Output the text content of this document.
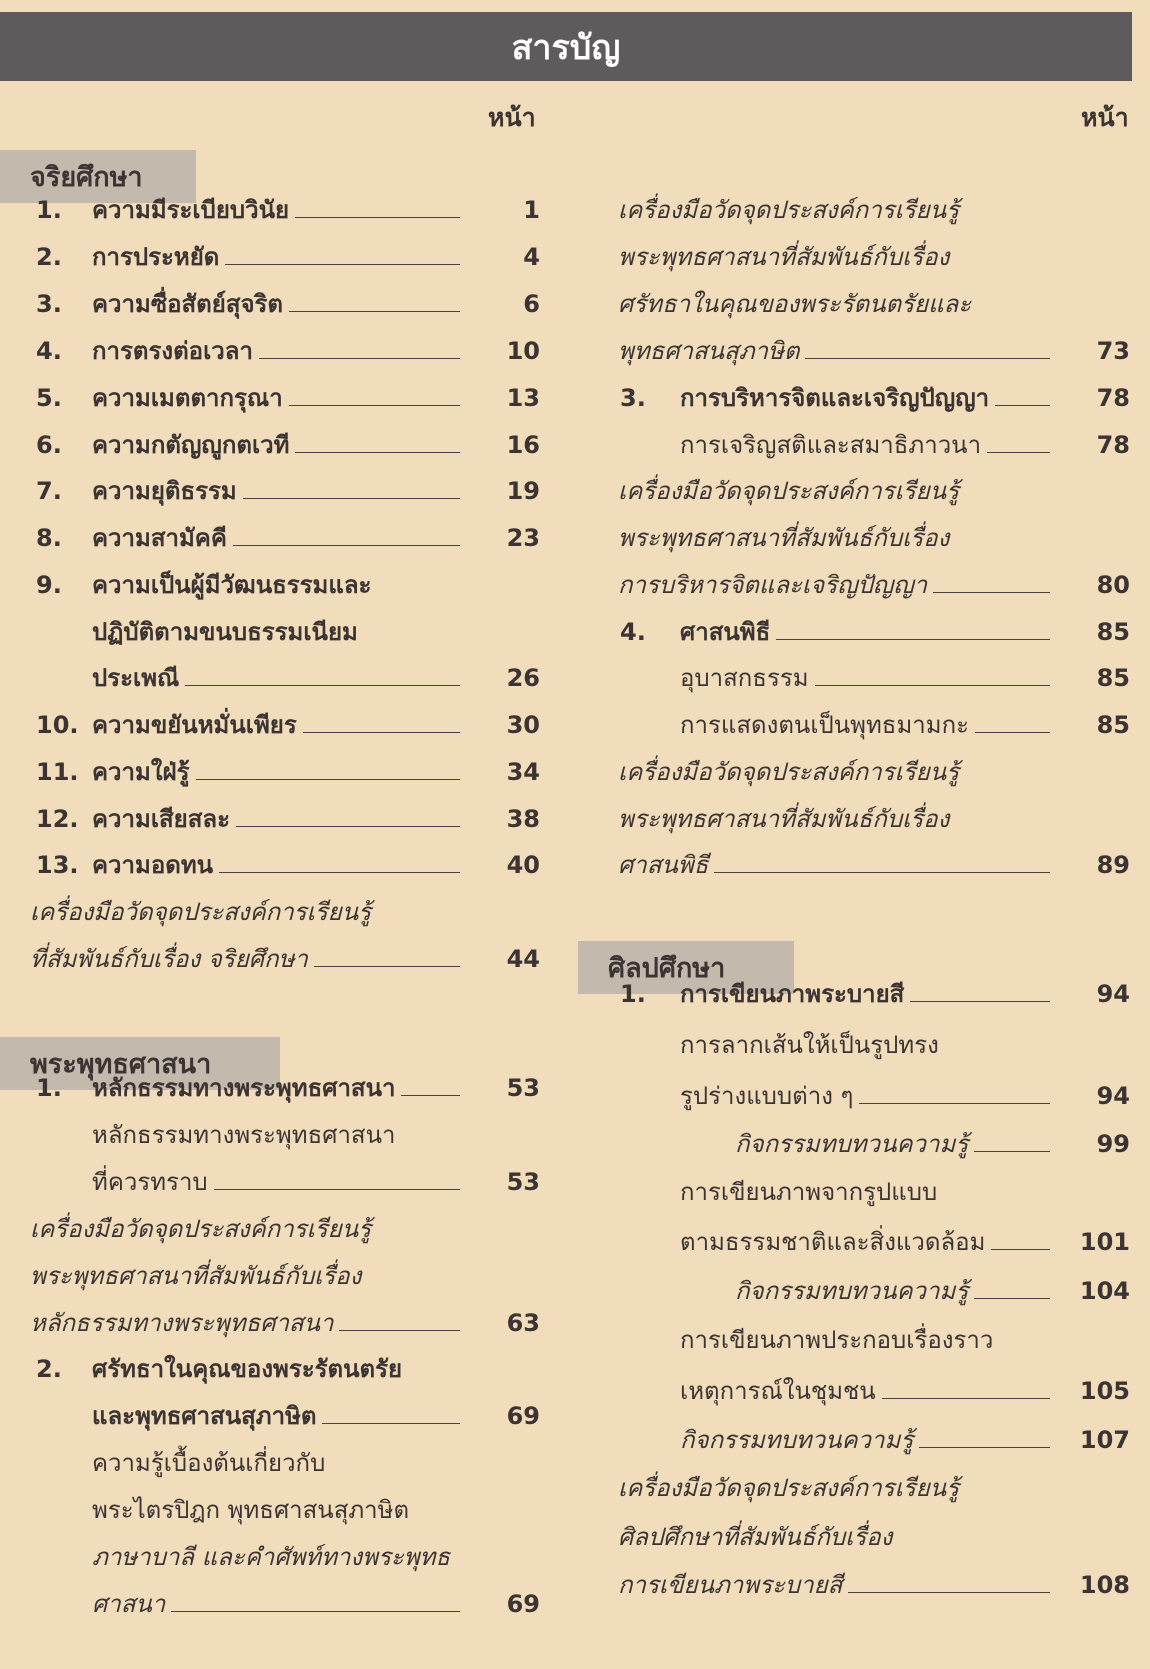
สารบัญ
หน้า	หน้า
จริยศึกษา
พระพุทธศาสนา
ศิลปศึกษา
1. ความมีระเบียบวินัย	1
2. การประหยัด	4
3. ความซื่อสัตย์สุจริต	6
4. การตรงต่อเวลา	10
5. ความเมตตากรุณา	13
6. ความกตัญญูกตเวที	16
7. ความยุติธรรม	19
8. ความสามัคคี	23
9. ความเป็นผู้มีวัฒนธรรมและ
ปฏิบัติตามขนบธรรมเนียม
ประเพณี	26
10. ความขยันหมั่นเพียร	30
11. ความใฝ่รู้	34
12. ความเสียสละ	38
13. ความอดทน	40
เครื่องมือวัดจุดประสงค์การเรียนรู้
ที่สัมพันธ์กับเรื่อง จริยศึกษา	44
1. หลักธรรมทางพระพุทธศาสนา	53
หลักธรรมทางพระพุทธศาสนา
ที่ควรทราบ	53
เครื่องมือวัดจุดประสงค์การเรียนรู้
พระพุทธศาสนาที่สัมพันธ์กับเรื่อง
หลักธรรมทางพระพุทธศาสนา	63
2. ศรัทธาในคุณของพระรัตนตรัย
และพุทธศาสนสุภาษิต	69
ความรู้เบื้องต้นเกี่ยวกับ
พระไตรปิฎก พุทธศาสนสุภาษิต
ภาษาบาลี และคำศัพท์ทางพระพุทธ
ศาสนา	69
เครื่องมือวัดจุดประสงค์การเรียนรู้
พระพุทธศาสนาที่สัมพันธ์กับเรื่อง
ศรัทธาในคุณของพระรัตนตรัยและ
พุทธศาสนสุภาษิต	73
3. การบริหารจิตและเจริญปัญญา	78
การเจริญสติและสมาธิภาวนา	78
เครื่องมือวัดจุดประสงค์การเรียนรู้
พระพุทธศาสนาที่สัมพันธ์กับเรื่อง
การบริหารจิตและเจริญปัญญา	80
4. ศาสนพิธี	85
อุบาสกธรรม	85
การแสดงตนเป็นพุทธมามกะ	85
เครื่องมือวัดจุดประสงค์การเรียนรู้
พระพุทธศาสนาที่สัมพันธ์กับเรื่อง
ศาสนพิธี	89
1. การเขียนภาพระบายสี	94
การลากเส้นให้เป็นรูปทรง
รูปร่างแบบต่าง ๆ	94
กิจกรรมทบทวนความรู้	99
การเขียนภาพจากรูปแบบ
ตามธรรมชาติและสิ่งแวดล้อม	101
กิจกรรมทบทวนความรู้	104
การเขียนภาพประกอบเรื่องราว
เหตุการณ์ในชุมชน	105
กิจกรรมทบทวนความรู้	107
เครื่องมือวัดจุดประสงค์การเรียนรู้
ศิลปศึกษาที่สัมพันธ์กับเรื่อง
การเขียนภาพระบายสี	108
